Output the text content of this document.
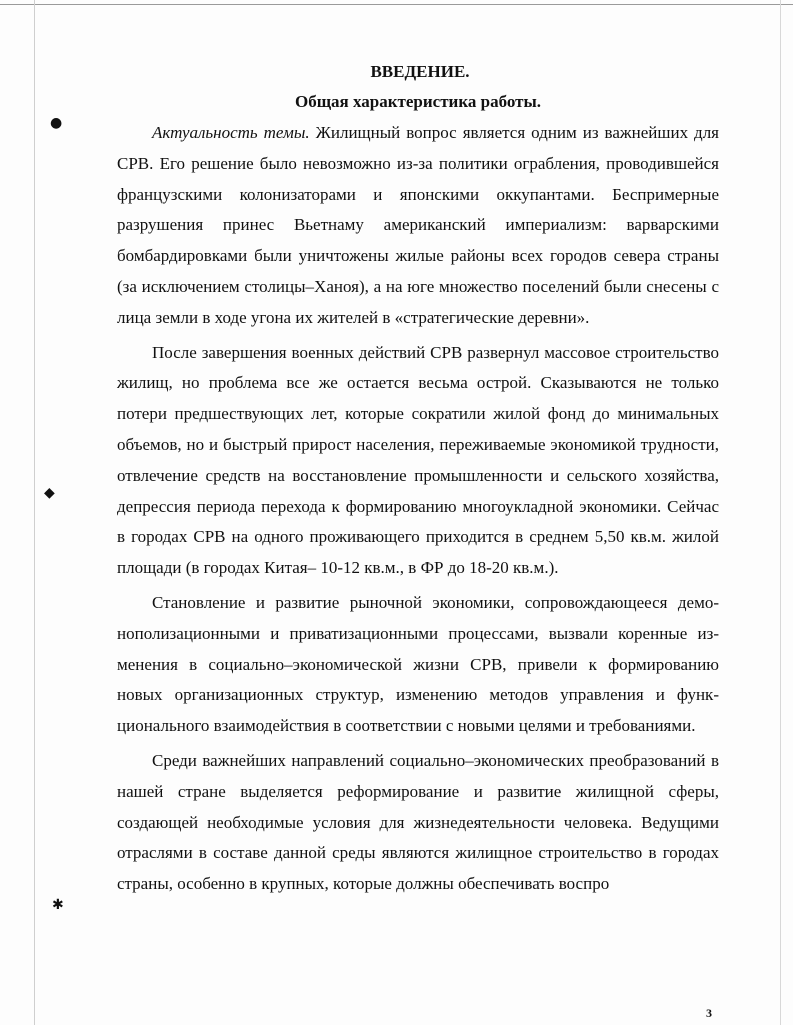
●
◆
✱
ВВЕДЕНИЕ.
Общая характеристика работы.

Актуальность темы. Жилищный вопрос является одним из важнейших для СРВ. Его решение было невозможно из-за политики ограбления, проводившейся французскими колонизаторами и японскими оккупантами. Беспримерные разрушения принес Вьетнаму американский империализм: варварскими бомбардировками были уничтожены жилые районы всех городов севера страны (за исключением столицы–Ханоя), а на юге множество поселений были снесены с лица земли в ходе угона их жителей в «стратегические деревни».

После завершения военных действий СРВ развернул массовое строительство жилищ, но проблема все же остается весьма острой. Сказываются не только потери предшествующих лет, которые сократили жилой фонд до минимальных объемов, но и быстрый прирост населения, переживаемые экономикой трудности, отвлечение средств на восстановление промышленности и сельского хозяйства, депрессия периода перехода к формированию многоукладной экономики. Сейчас в городах СРВ на одного проживающего приходится в среднем 5,50 кв.м. жилой площади (в городах Китая– 10-12 кв.м., в ФР до 18-20 кв.м.).

Становление и развитие рыночной экономики, сопровождающееся демонополизационными и приватизационными процессами, вызвали коренные изменения в социально–экономической жизни СРВ, привели к формированию новых организационных структур, изменению методов управления и функционального взаимодействия в соответствии с новыми целями и требованиями.

Среди важнейших направлений социально–экономических преобразований в нашей стране выделяется реформирование и развитие жилищной сферы, создающей необходимые условия для жизнедеятельности человека. Ведущими отраслями в составе данной среды являются жилищное строительство в городах страны, особенно в крупных, которые должны обеспечивать воспро

3
